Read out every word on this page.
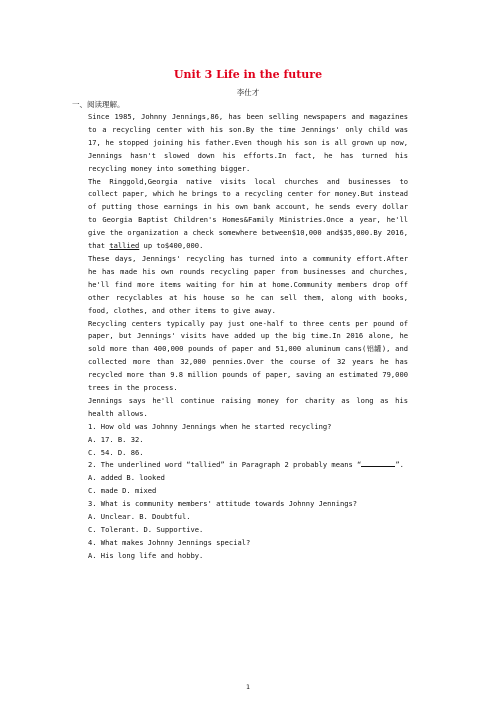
Unit 3 Life in the future
李仕才
一、阅读理解。

Since 1985, Johnny Jennings,86, has been selling newspapers and magazines to a recycling center with his son.By the time Jennings' only child was 17, he stopped joining his father.Even though his son is all grown up now, Jennings hasn't slowed down his efforts.In fact, he has turned his recycling money into something bigger.

The Ringgold,Georgia native visits local churches and businesses to collect paper, which he brings to a recycling center for money.But instead of putting those earnings in his own bank account, he sends every dollar to Georgia Baptist Children's Homes&Family Ministries.Once a year, he'll give the organization a check somewhere between$10,000 and$35,000.By 2016, that tallied up to$400,000.

These days, Jennings' recycling has turned into a community effort.After he has made his own rounds recycling paper from businesses and churches, he'll find more items waiting for him at home.Community members drop off other recyclables at his house so he can sell them, along with books, food, clothes, and other items to give away.

Recycling centers typically pay just one-half to three cents per pound of paper, but Jennings' visits have added up the big time.In 2016 alone, he sold more than 400,000 pounds of paper and 51,000 aluminum cans(铝罐), and collected more than 32,000 pennies.Over the course of 32 years he has recycled more than 9.8 million pounds of paper, saving an estimated 79,000 trees in the process.

Jennings says he'll continue raising money for charity as long as his health allows.

1. How old was Johnny Jennings when he started recycling?

A. 17. B. 32.

C. 54. D. 86.

2. The underlined word “tallied” in Paragraph 2 probably means “	”.

A. added B. looked

C. made D. mixed

3. What is community members' attitude towards Johnny Jennings?

A. Unclear. B. Doubtful.

C. Tolerant. D. Supportive.

4. What makes Johnny Jennings special?

A. His long life and hobby.

1
